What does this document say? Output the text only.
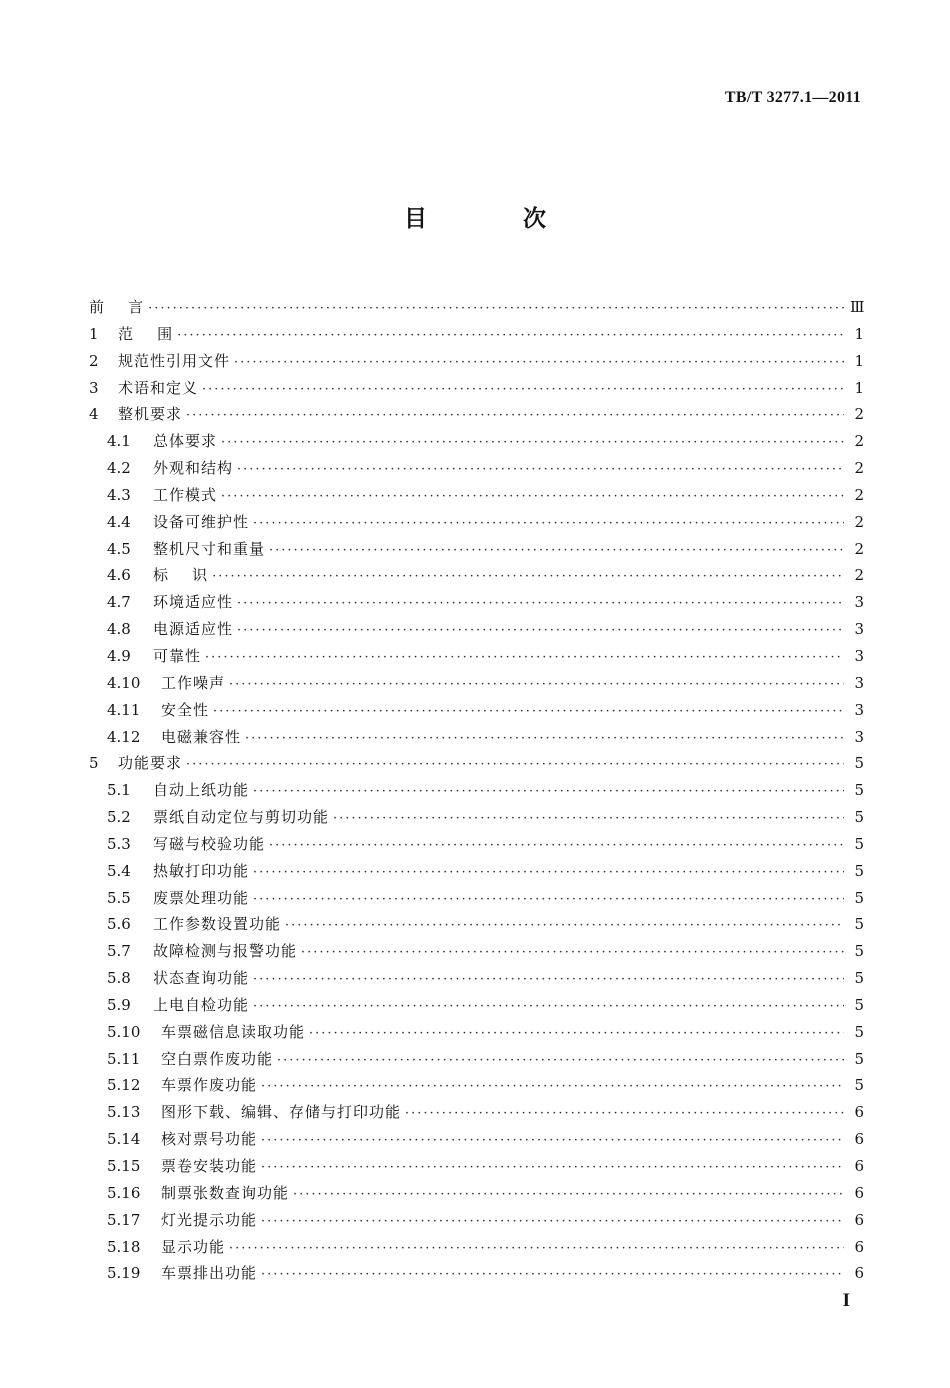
TB/T 3277.1—2011
目 次
前    言 ·····	Ⅲ
1	范    围 ·····	1
2	规范性引用文件 ·····	1
3	术语和定义 ·····	1
4	整机要求 ·····	2
4.1	总体要求 ·····	2
4.2	外观和结构 ·····	2
4.3	工作模式 ·····	2
4.4	设备可维护性 ·····	2
4.5	整机尺寸和重量 ·····	2
4.6	标    识 ·····	2
4.7	环境适应性 ·····	3
4.8	电源适应性 ·····	3
4.9	可靠性 ·····	3
4.10	工作噪声 ·····	3
4.11	安全性 ·····	3
4.12	电磁兼容性 ·····	3
5	功能要求 ·····	5
5.1	自动上纸功能 ·····	5
5.2	票纸自动定位与剪切功能 ·····	5
5.3	写磁与校验功能 ·····	5
5.4	热敏打印功能 ·····	5
5.5	废票处理功能 ·····	5
5.6	工作参数设置功能 ·····	5
5.7	故障检测与报警功能 ·····	5
5.8	状态查询功能 ·····	5
5.9	上电自检功能 ·····	5
5.10	车票磁信息读取功能 ·····	5
5.11	空白票作废功能 ·····	5
5.12	车票作废功能 ·····	5
5.13	图形下载、编辑、存储与打印功能 ·····	6
5.14	核对票号功能 ·····	6
5.15	票卷安装功能 ·····	6
5.16	制票张数查询功能 ·····	6
5.17	灯光提示功能 ·····	6
5.18	显示功能 ·····	6
5.19	车票排出功能 ·····	6
I
